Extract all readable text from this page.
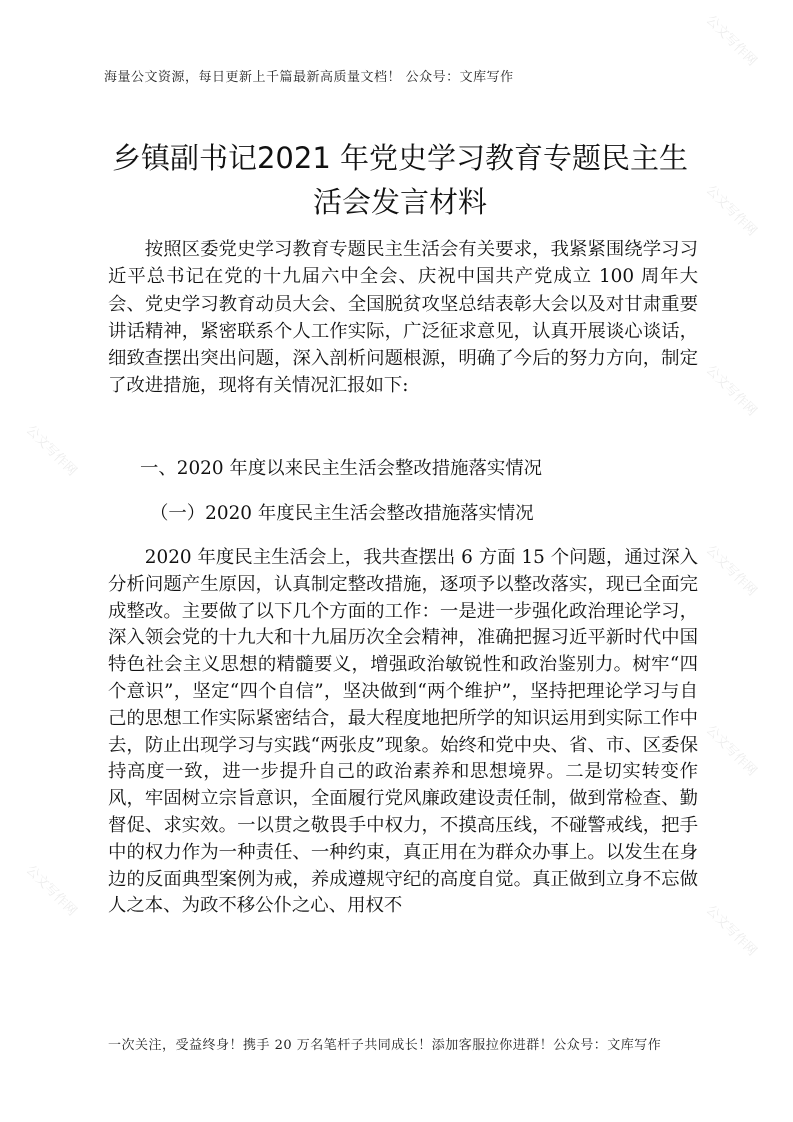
海量公文资源，每日更新上千篇最新高质量文档！ 公众号：文库写作
乡镇副书记2021 年党史学习教育专题民主生活会发言材料

按照区委党史学习教育专题民主生活会有关要求，我紧紧围绕学习习近平总书记在党的十九届六中全会、庆祝中国共产党成立 100 周年大会、党史学习教育动员大会、全国脱贫攻坚总结表彰大会以及对甘肃重要讲话精神，紧密联系个人工作实际，广泛征求意见，认真开展谈心谈话，细致查摆出突出问题，深入剖析问题根源，明确了今后的努力方向，制定了改进措施，现将有关情况汇报如下:

一、2020 年度以来民主生活会整改措施落实情况
（一）2020 年度民主生活会整改措施落实情况

2020 年度民主生活会上，我共查摆出 6 方面 15 个问题，通过深入分析问题产生原因，认真制定整改措施，逐项予以整改落实，现已全面完成整改。主要做了以下几个方面的工作：一是进一步强化政治理论学习，深入领会党的十九大和十九届历次全会精神，准确把握习近平新时代中国特色社会主义思想的精髓要义，增强政治敏锐性和政治鉴别力。树牢“四个意识”，坚定“四个自信”，坚决做到“两个维护”，坚持把理论学习与自己的思想工作实际紧密结合，最大程度地把所学的知识运用到实际工作中去，防止出现学习与实践“两张皮”现象。始终和党中央、省、市、区委保持高度一致，进一步提升自己的政治素养和思想境界。二是切实转变作风，牢固树立宗旨意识，全面履行党风廉政建设责任制，做到常检查、勤督促、求实效。一以贯之敬畏手中权力，不摸高压线，不碰警戒线，把手中的权力作为一种责任、一种约束，真正用在为群众办事上。以发生在身边的反面典型案例为戒，养成遵规守纪的高度自觉。真正做到立身不忘做人之本、为政不移公仆之心、用权不

一次关注，受益终身！携手 20 万名笔杆子共同成长！添加客服拉你进群！公众号：文库写作
公文写作网
公文写作网
公文写作网
公文写作网
公文写作网
公文写作网
公文写作网
公文写作网
